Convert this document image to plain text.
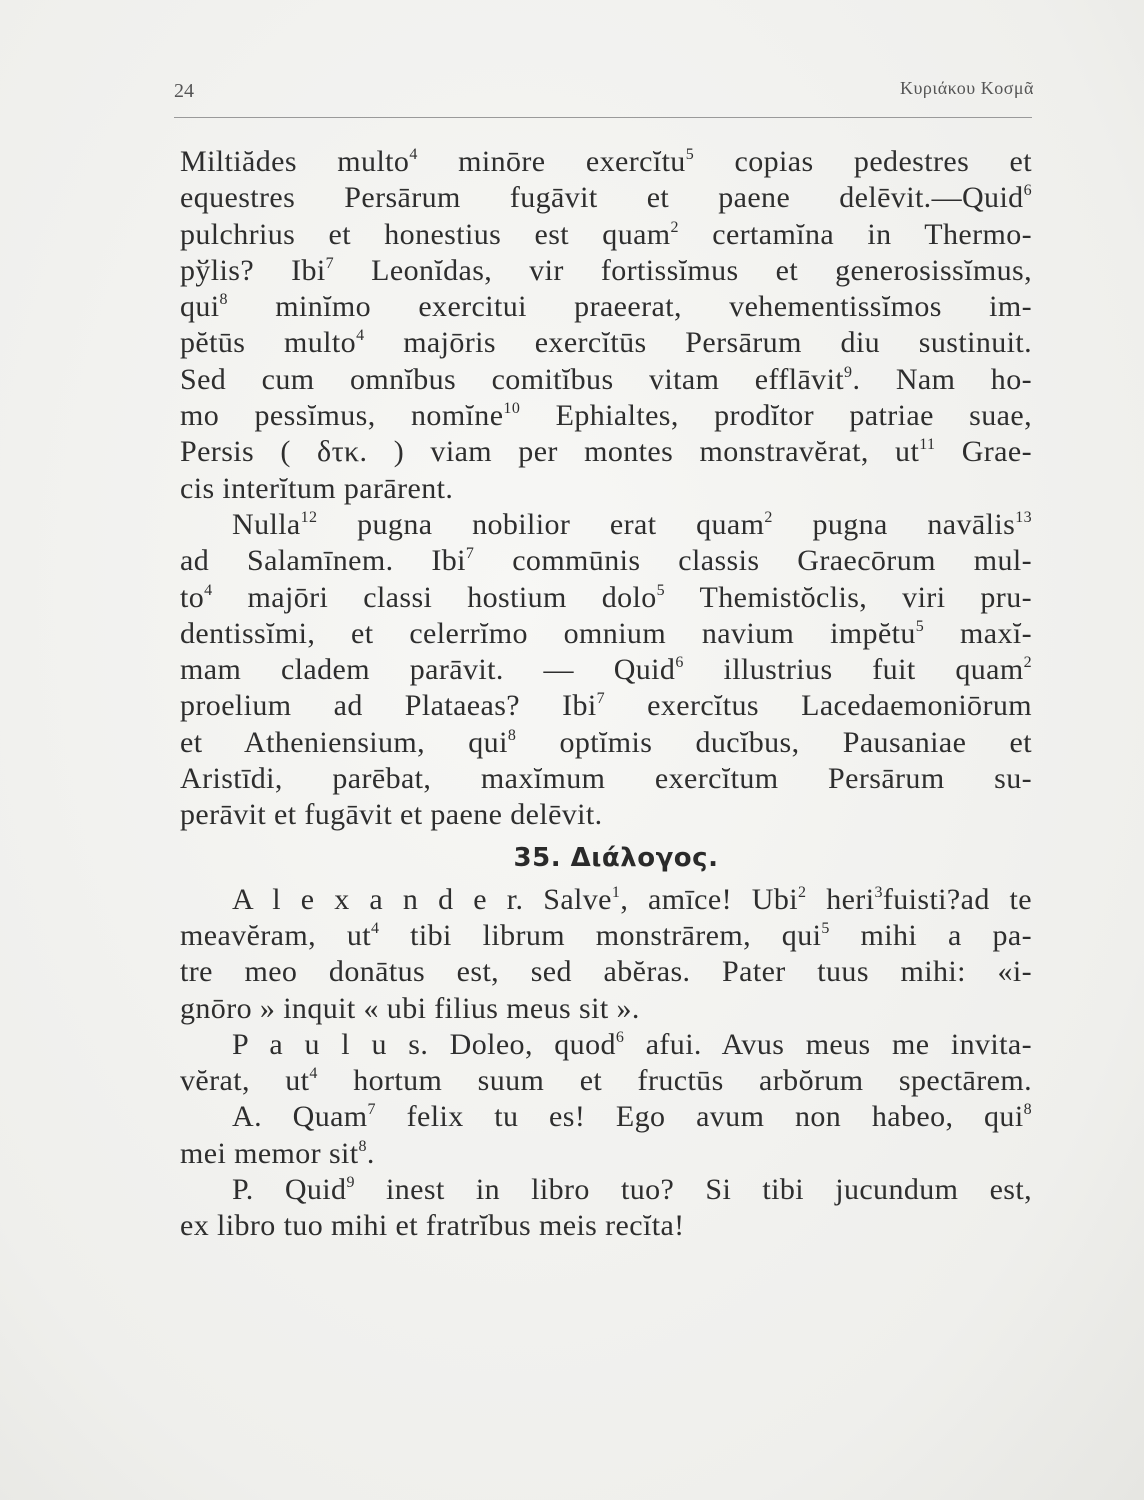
24	Κυριάκου Κοσμᾶ
Miltiădes multo$^4$ minōre exercĭtu$^5$ copias pedestres et
equestres Persārum fugāvit et paene delēvit.—Quid$^6$
pulchrius et honestius est quam$^2$ certamĭna in Thermo-
pўlis? Ibi$^7$ Leonĭdas, vir fortissĭmus et generosissĭmus,
qui$^8$ minĭmo exercitui praeerat, vehementissĭmos im-
pĕtūs multo$^4$ majōris exercĭtūs Persārum diu sustinuit.
Sed cum omnĭbus comitĭbus vitam efflāvit$^9$. Nam ho-
mo pessĭmus, nomĭne$^{10}$ Ephialtes, prodĭtor patriae suae,
Persis ( δτκ. ) viam per montes monstravĕrat, $ut^{11}$ Grae-
cis interĭtum parārent.
Nulla$^{12}$ pugna nobilior erat quam$^2$ pugna navālis$^{13}$
ad Salamīnem. Ibi$^7$ commūnis classis Graecōrum mul-
$to^4$ majōri classi hostium dolo$^5$ Themistŏclis, viri pru-
dentissĭmi, et celerrĭmo omnium navium impĕtu$^5$ maxĭ-
mam cladem parāvit. — Quid$^6$ illustrius fuit quam$^2$
proelium ad Plataeas? Ibi$^7$ exercĭtus Lacedaemoniōrum
et Atheniensium, qui$^8$ optĭmis ducĭbus, Pausaniae et
Aristīdi, parēbat, maxĭmum exercĭtum Persārum su-
perāvit et fugāvit et paene delēvit.
35. Διάλογος.
A l e x a n d e r. Salve$^1$, amīce! Ubi$^2$ heri$^3$fuisti?ad te
meavĕram, $ut^4$ tibi librum monstrārem, qui$^5$ mihi a pa-
tre meo donātus est, sed abĕras. Pater tuus mihi: «i-
gnōro » inquit « ubi filius meus sit ».
P a u l u s. Doleo, quod$^6$ afui. Avus meus me invita-
vĕrat, $ut^4$ hortum suum et fructūs arbŏrum spectārem.
A. Quam$^7$ felix tu es! Ego avum non habeo, qui$^8$
mei memor sit$^8$.
P. Quid$^9$ inest in libro tuo? Si tibi jucundum est,
ex libro tuo mihi et fratrĭbus meis recĭta!
